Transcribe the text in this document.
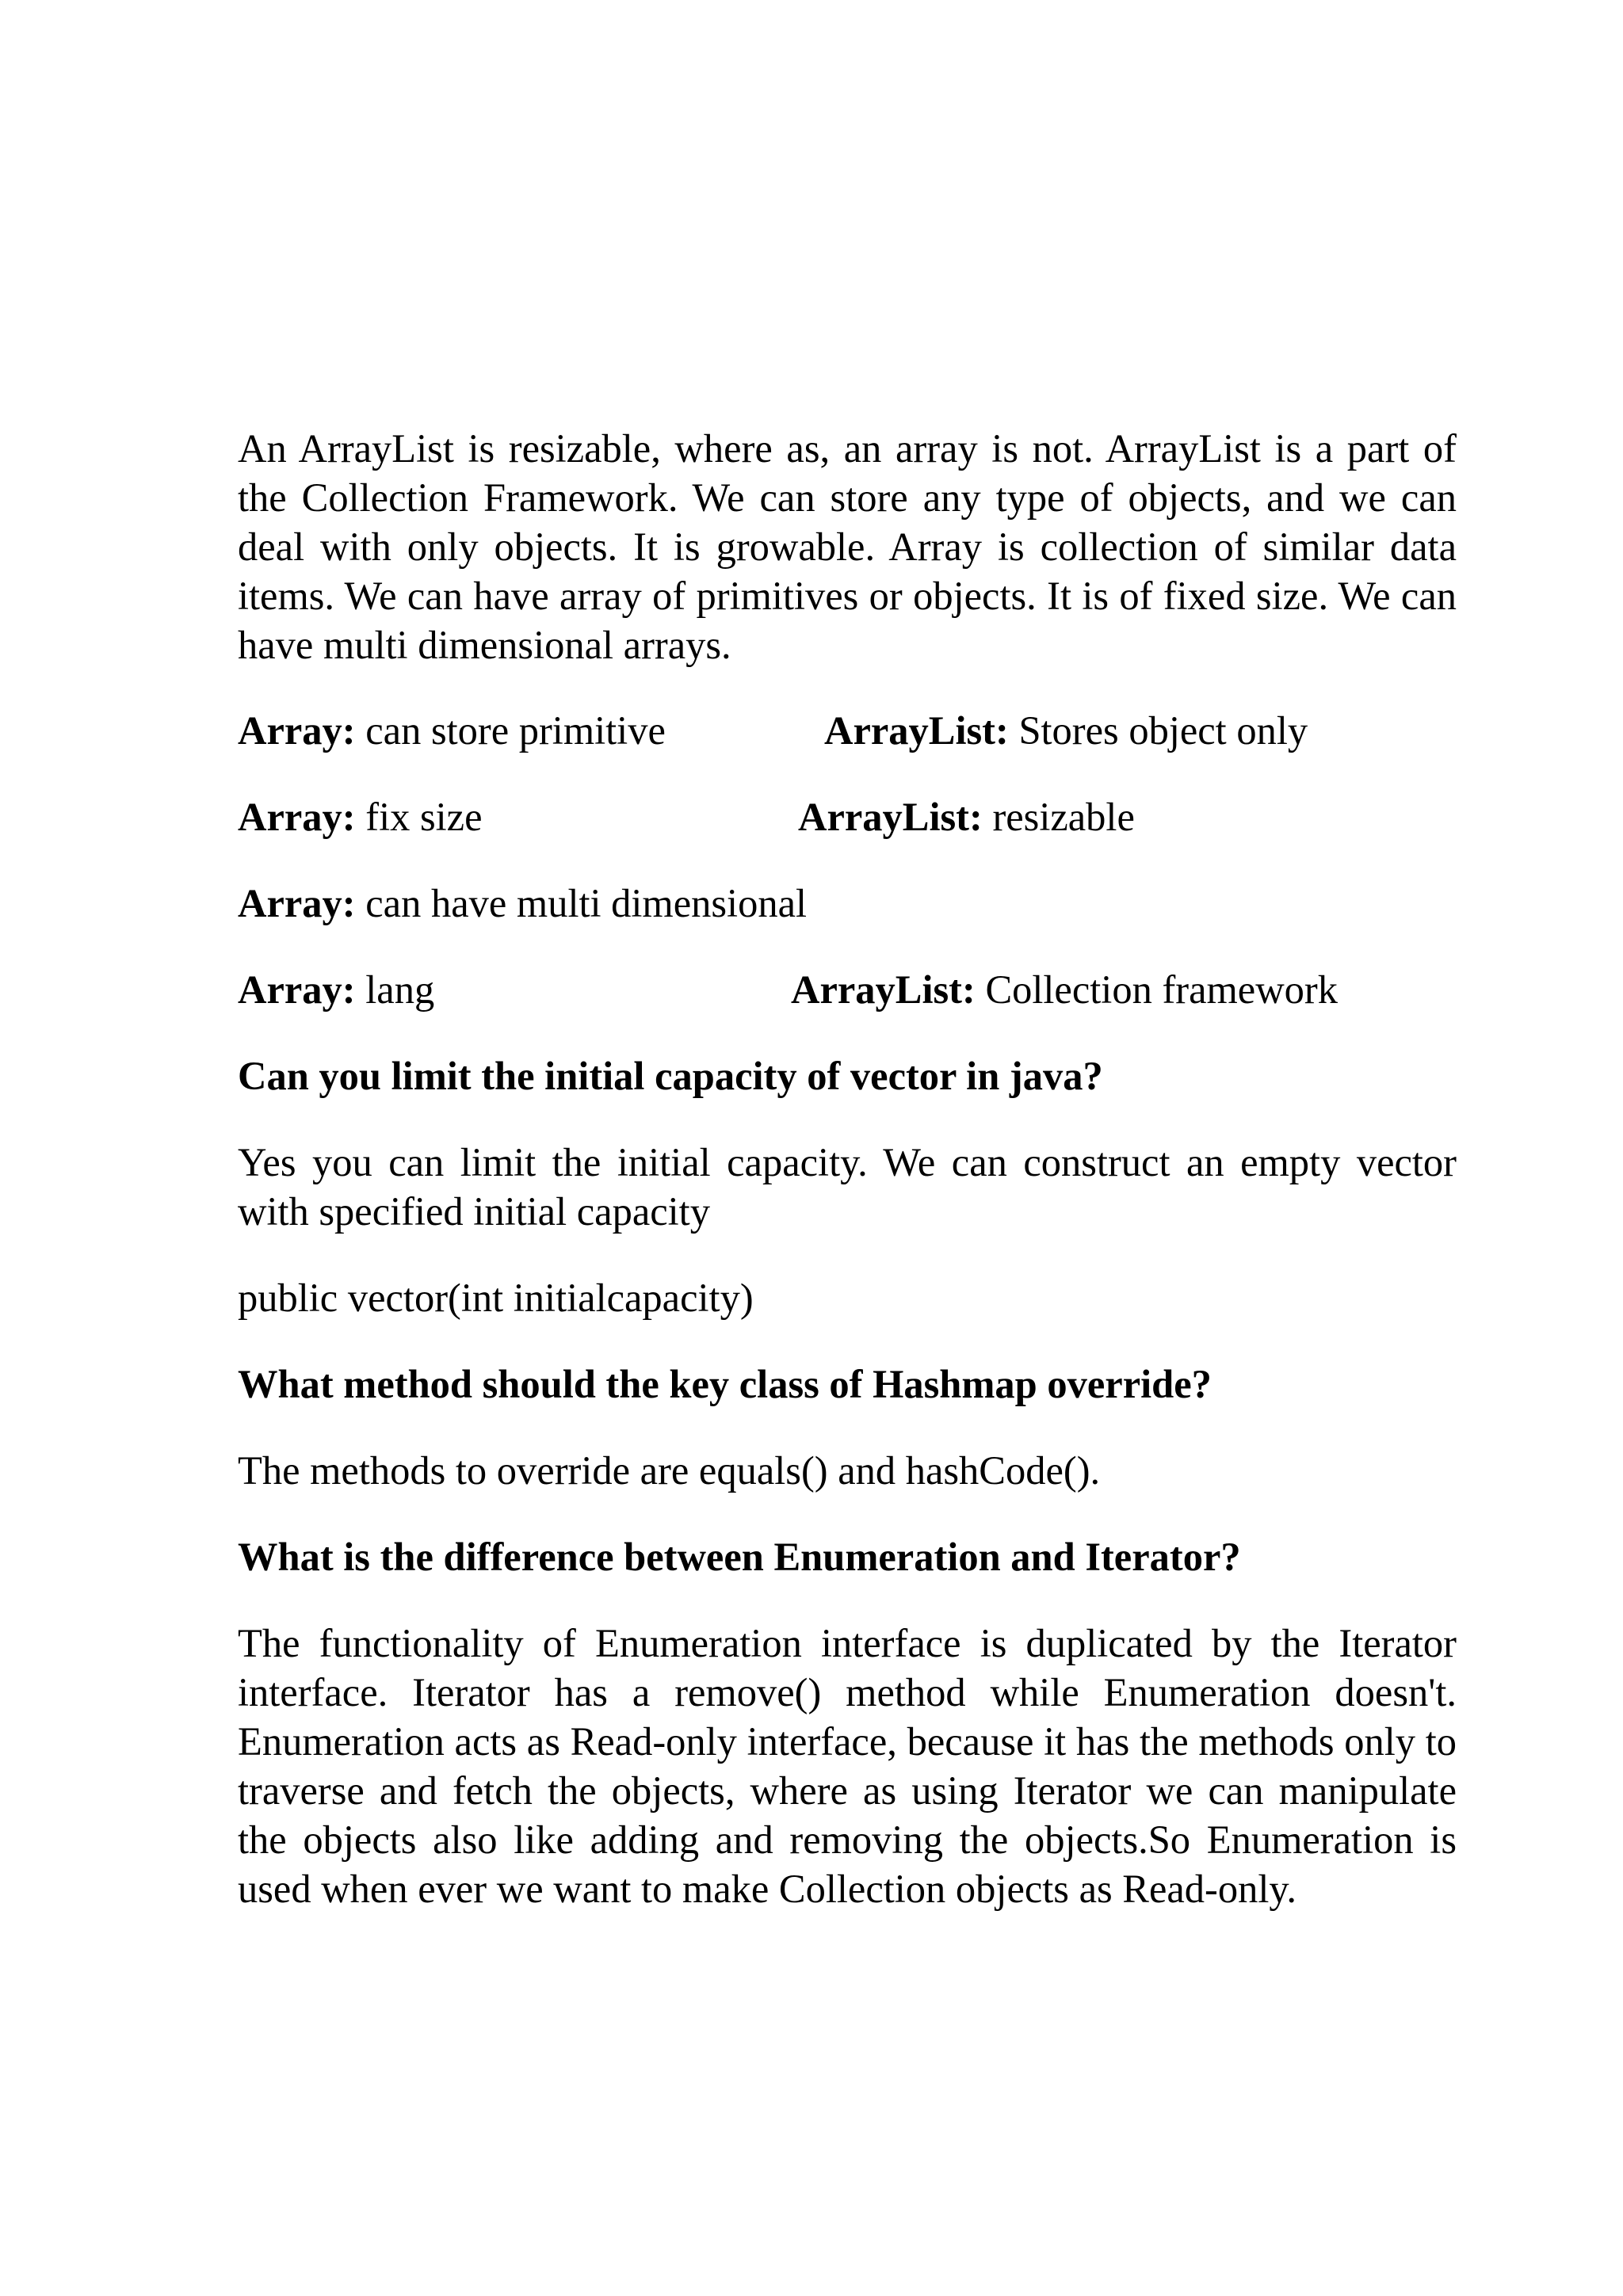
An ArrayList is resizable, where as, an array is not. ArrayList is a part of the Collection Framework. We can store any type of objects, and we can deal with only objects. It is growable. Array is collection of similar data items. We can have array of primitives or objects. It is of fixed size. We can have multi dimensional arrays.

Array: can store primitive	ArrayList: Stores object only
Array: fix size	ArrayList: resizable
Array: can have multi dimensional
Array: lang	ArrayList: Collection framework
Can you limit the initial capacity of vector in java?

Yes you can limit the initial capacity. We can construct an empty vector with specified initial capacity

public vector(int initialcapacity)

What method should the key class of Hashmap override?

The methods to override are equals() and hashCode().

What is the difference between Enumeration and Iterator?

The functionality of Enumeration interface is duplicated by the Iterator interface. Iterator has a remove() method while Enumeration doesn't. Enumeration acts as Read-only interface, because it has the methods only to traverse and fetch the objects, where as using Iterator we can manipulate the objects also like adding and removing the objects.So Enumeration is used when ever we want to make Collection objects as Read-only.
